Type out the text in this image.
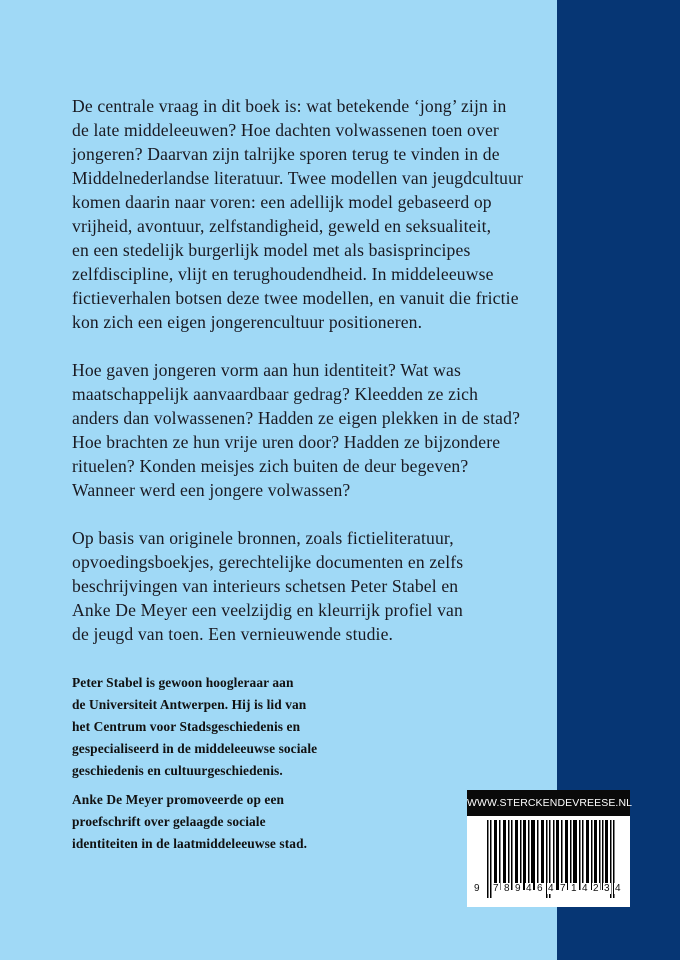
De centrale vraag in dit boek is: wat betekende ‘jong’ zijn in
de late middeleeuwen? Hoe dachten volwassenen toen over
jongeren? Daarvan zijn talrijke sporen terug te vinden in de
Middelnederlandse literatuur. Twee modellen van jeugdcultuur
komen daarin naar voren: een adellijk model gebaseerd op
vrijheid, avontuur, zelfstandigheid, geweld en seksualiteit,
en een stedelijk burgerlijk model met als basisprincipes
zelfdiscipline, vlijt en terughoudendheid. In middeleeuwse
fictieverhalen botsen deze twee modellen, en vanuit die frictie
kon zich een eigen jongerencultuur positioneren.

Hoe gaven jongeren vorm aan hun identiteit? Wat was
maatschappelijk aanvaardbaar gedrag? Kleedden ze zich
anders dan volwassenen? Hadden ze eigen plekken in de stad?
Hoe brachten ze hun vrije uren door? Hadden ze bijzondere
rituelen? Konden meisjes zich buiten de deur begeven?
Wanneer werd een jongere volwassen?

Op basis van originele bronnen, zoals fictieliteratuur,
opvoedingsboekjes, gerechtelijke documenten en zelfs
beschrijvingen van interieurs schetsen Peter Stabel en
Anke De Meyer een veelzijdig en kleurrijk profiel van
de jeugd van toen. Een vernieuwende studie.

Peter Stabel is gewoon hoogleraar aan
de Universiteit Antwerpen. Hij is lid van
het Centrum voor Stadsgeschiedenis en
gespecialiseerd in de middeleeuwse sociale
geschiedenis en cultuurgeschiedenis.

Anke De Meyer promoveerde op een
proefschrift over gelaagde sociale
identiteiten in de laatmiddeleeuwse stad.

WWW.STERCKENDEVREESE.NL
9 7 8 9 4 6 4 7 1 4 2 3 4
